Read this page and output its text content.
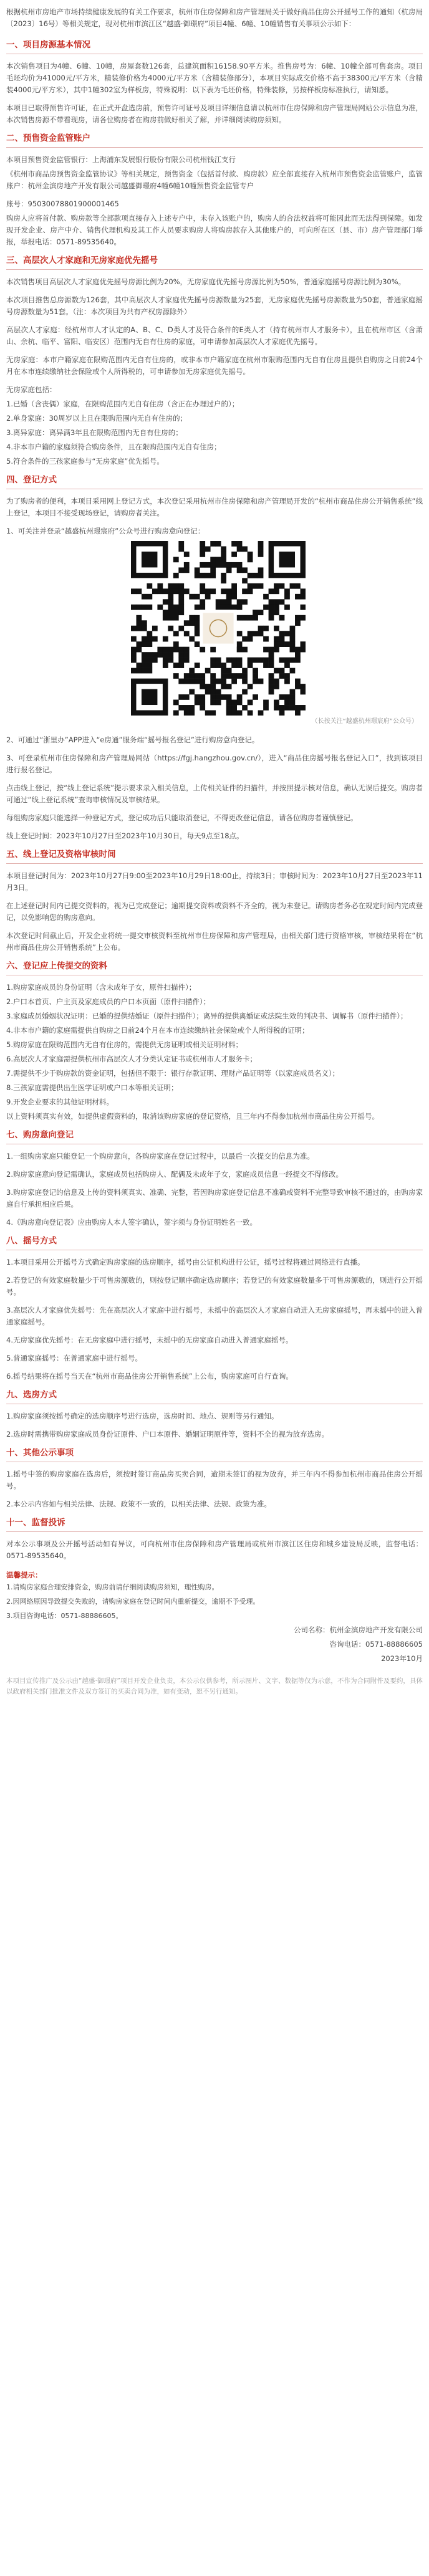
根据杭州市房地产市场持续健康发展的有关工作要求，杭州市住房保障和房产管理局关于做好商品住房公开摇号工作的通知（杭房局〔2023〕16号）等相关规定，现对杭州市滨江区“越盛·御璟府”项目4幢、6幢、10幢销售有关事项公示如下：

一、项目房源基本情况

本次销售项目为4幢、6幢、10幢，房屋套数126套，总建筑面积16158.90平方米。推售房号为：6幢、10幢全部可售套房。项目毛坯均价为41000元/平方米，精装修价格为4000元/平方米（含精装修部分），本项目实际成交价格不高于38300元/平方米（含精装4000元/平方米），其中1幢302室为样板房，特殊说明：以下表为毛坯价格，特殊装修，另按样板房标准执行，请知悉。

本项目已取得预售许可证，在正式开盘选房前，预售许可证号及项目详细信息请以杭州市住房保障和房产管理局网站公示信息为准，本次销售房源不带看现房，请各位购房者在购房前做好相关了解，并详细阅读购房须知。

二、预售资金监管账户

本项目预售资金监管银行：上海浦东发展银行股份有限公司杭州钱江支行

《杭州市商品房预售资金监管协议》等相关规定，预售资金（包括首付款、购房款）应全部直接存入杭州市预售资金监管账户，监管账户：杭州金滨房地产开发有限公司越盛御璟府4幢6幢10幢预售资金监管专户

账号：95030078801900001465

购房人应将首付款、购房款等全部款项直接存入上述专户中，未存入该账户的，购房人的合法权益将可能因此而无法得到保障。如发现开发企业、房产中介、销售代理机构及其工作人员要求购房人将购房款存入其他账户的，可向所在区（县、市）房产管理部门举报，举报电话：0571-89535640。

三、高层次人才家庭和无房家庭优先摇号

本次销售项目高层次人才家庭优先摇号房源比例为20%，无房家庭优先摇号房源比例为50%，普通家庭摇号房源比例为30%。

本次项目推售总房源数为126套，其中高层次人才家庭优先摇号房源数量为25套，无房家庭优先摇号房源数量为50套，普通家庭摇号房源数量为51套。（注：本次项目为共有产权房源除外）

高层次人才家庭：经杭州市人才认定的A、B、C、D类人才及符合条件的E类人才（持有杭州市人才服务卡），且在杭州市区（含萧山、余杭、临平、富阳、临安区）范围内无自有住房的家庭，可申请参加高层次人才家庭优先摇号。

无房家庭：本市户籍家庭在限购范围内无自有住房的，或非本市户籍家庭在杭州市限购范围内无自有住房且提供自购房之日前24个月在本市连续缴纳社会保险或个人所得税的，可申请参加无房家庭优先摇号。

无房家庭包括：

1.已婚（含丧偶）家庭，在限购范围内无自有住房（含正在办理过户的）；

2.单身家庭：30周岁以上且在限购范围内无自有住房的；

3.离异家庭：离异满3年且在限购范围内无自有住房的；

4.非本市户籍的家庭须符合购房条件，且在限购范围内无自有住房；

5.符合条件的三孩家庭参与“无房家庭”优先摇号。

四、登记方式

为了购房者的便利，本项目采用网上登记方式，本次登记采用杭州市住房保障和房产管理局开发的“杭州市商品住房公开销售系统”线上登记，本项目不接受现场登记，请购房者关注。

1、可关注并登录“越盛杭州璟宸府”公众号进行购房意向登记：

（长按关注“越盛杭州璟宸府”公众号）

2、可通过“浙里办”APP进入“e房通”服务端“摇号报名登记”进行购房意向登记。

3、可登录杭州市住房保障和房产管理局网站（https://fgj.hangzhou.gov.cn/），进入“商品住房摇号报名登记入口”，找到该项目进行报名登记。

点击线上登记，按“线上登记系统”提示要求录入相关信息，上传相关证件的扫描件，并按照提示核对信息，确认无误后提交。购房者可通过“线上登记系统”查询审核情况及审核结果。

每组购房家庭只能选择一种登记方式，登记成功后只能取消登记，不得更改登记信息，请各位购房者谨慎登记。

线上登记时间：2023年10月27日至2023年10月30日，每天9点至18点。

五、线上登记及资格审核时间

本项目登记时间为：2023年10月27日9:00至2023年10月29日18:00止，持续3日；审核时间为：2023年10月27日至2023年11月3日。

在上述登记时间内已提交资料的，视为已完成登记；逾期提交资料或资料不齐全的，视为未登记。请购房者务必在规定时间内完成登记，以免影响您的购房意向。

本次登记时间截止后，开发企业将统一提交审核资料至杭州市住房保障和房产管理局，由相关部门进行资格审核，审核结果将在“杭州市商品住房公开销售系统”上公布。

六、登记应上传提交的资料

1.购房家庭成员的身份证明（含未成年子女，原件扫描件）；

2.户口本首页、户主页及家庭成员的户口本页面（原件扫描件）；

3.家庭成员婚姻状况证明：已婚的提供结婚证（原件扫描件）；离异的提供离婚证或法院生效的判决书、调解书（原件扫描件）；

4.非本市户籍的家庭需提供自购房之日前24个月在本市连续缴纳社会保险或个人所得税的证明；

5.购房家庭在限购范围内无自有住房的，需提供无房证明或相关证明材料；

6.高层次人才家庭需提供杭州市高层次人才分类认定证书或杭州市人才服务卡；

7.需提供不少于购房款的资金证明，包括但不限于：银行存款证明、理财产品证明等（以家庭成员名义）；

8.三孩家庭需提供出生医学证明或户口本等相关证明；

9.开发企业要求的其他证明材料。

以上资料须真实有效，如提供虚假资料的，取消该购房家庭的登记资格，且三年内不得参加杭州市商品住房公开摇号。

七、购房意向登记

1.一组购房家庭只能登记一个购房意向，各购房家庭在登记过程中，以最后一次提交的信息为准。

2.购房家庭意向登记需确认，家庭成员包括购房人、配偶及未成年子女，家庭成员信息一经提交不得修改。

3.购房家庭登记的信息及上传的资料须真实、准确、完整，若因购房家庭登记信息不准确或资料不完整导致审核不通过的，由购房家庭自行承担相应后果。

4.《购房意向登记表》应由购房人本人签字确认，签字须与身份证明姓名一致。

八、摇号方式

1.本项目采用公开摇号方式确定购房家庭的选房顺序，摇号由公证机构进行公证，摇号过程将通过网络进行直播。

2.若登记的有效家庭数量少于可售房源数的，则按登记顺序确定选房顺序；若登记的有效家庭数量多于可售房源数的，则进行公开摇号。

3.高层次人才家庭优先摇号：先在高层次人才家庭中进行摇号，未摇中的高层次人才家庭自动进入无房家庭摇号，再未摇中的进入普通家庭摇号。

4.无房家庭优先摇号：在无房家庭中进行摇号，未摇中的无房家庭自动进入普通家庭摇号。

5.普通家庭摇号：在普通家庭中进行摇号。

6.摇号结果将在摇号当天在“杭州市商品住房公开销售系统”上公布，购房家庭可自行查询。

九、选房方式

1.购房家庭须按摇号确定的选房顺序号进行选房，选房时间、地点、规则等另行通知。

2.选房时需携带购房家庭成员身份证原件、户口本原件、婚姻证明原件等，资料不全的视为放弃选房。

十、其他公示事项

1.摇号中签的购房家庭在选房后，须按时签订商品房买卖合同，逾期未签订的视为放弃，并三年内不得参加杭州市商品住房公开摇号。

2.本公示内容如与相关法律、法规、政策不一致的，以相关法律、法规、政策为准。

十一、监督投诉

对本公示事项及公开摇号活动如有异议，可向杭州市住房保障和房产管理局或杭州市滨江区住房和城乡建设局反映，监督电话：0571-89535640。

温馨提示：

1.请购房家庭合理安排资金，购房前请仔细阅读购房须知，理性购房。

2.因网络原因导致提交失败的，请购房家庭在登记时间内重新提交，逾期不予受理。

3.项目咨询电话：0571-88886605。

公司名称：杭州金滨房地产开发有限公司
咨询电话：0571-88886605
2023年10月

本项目宣传推广及公示由“越盛·御璟府”项目开发企业负责，本公示仅供参考，所示图片、文字、数据等仅为示意，不作为合同附件及要约，具体以政府相关部门批准文件及双方签订的买卖合同为准，如有变动，恕不另行通知。
